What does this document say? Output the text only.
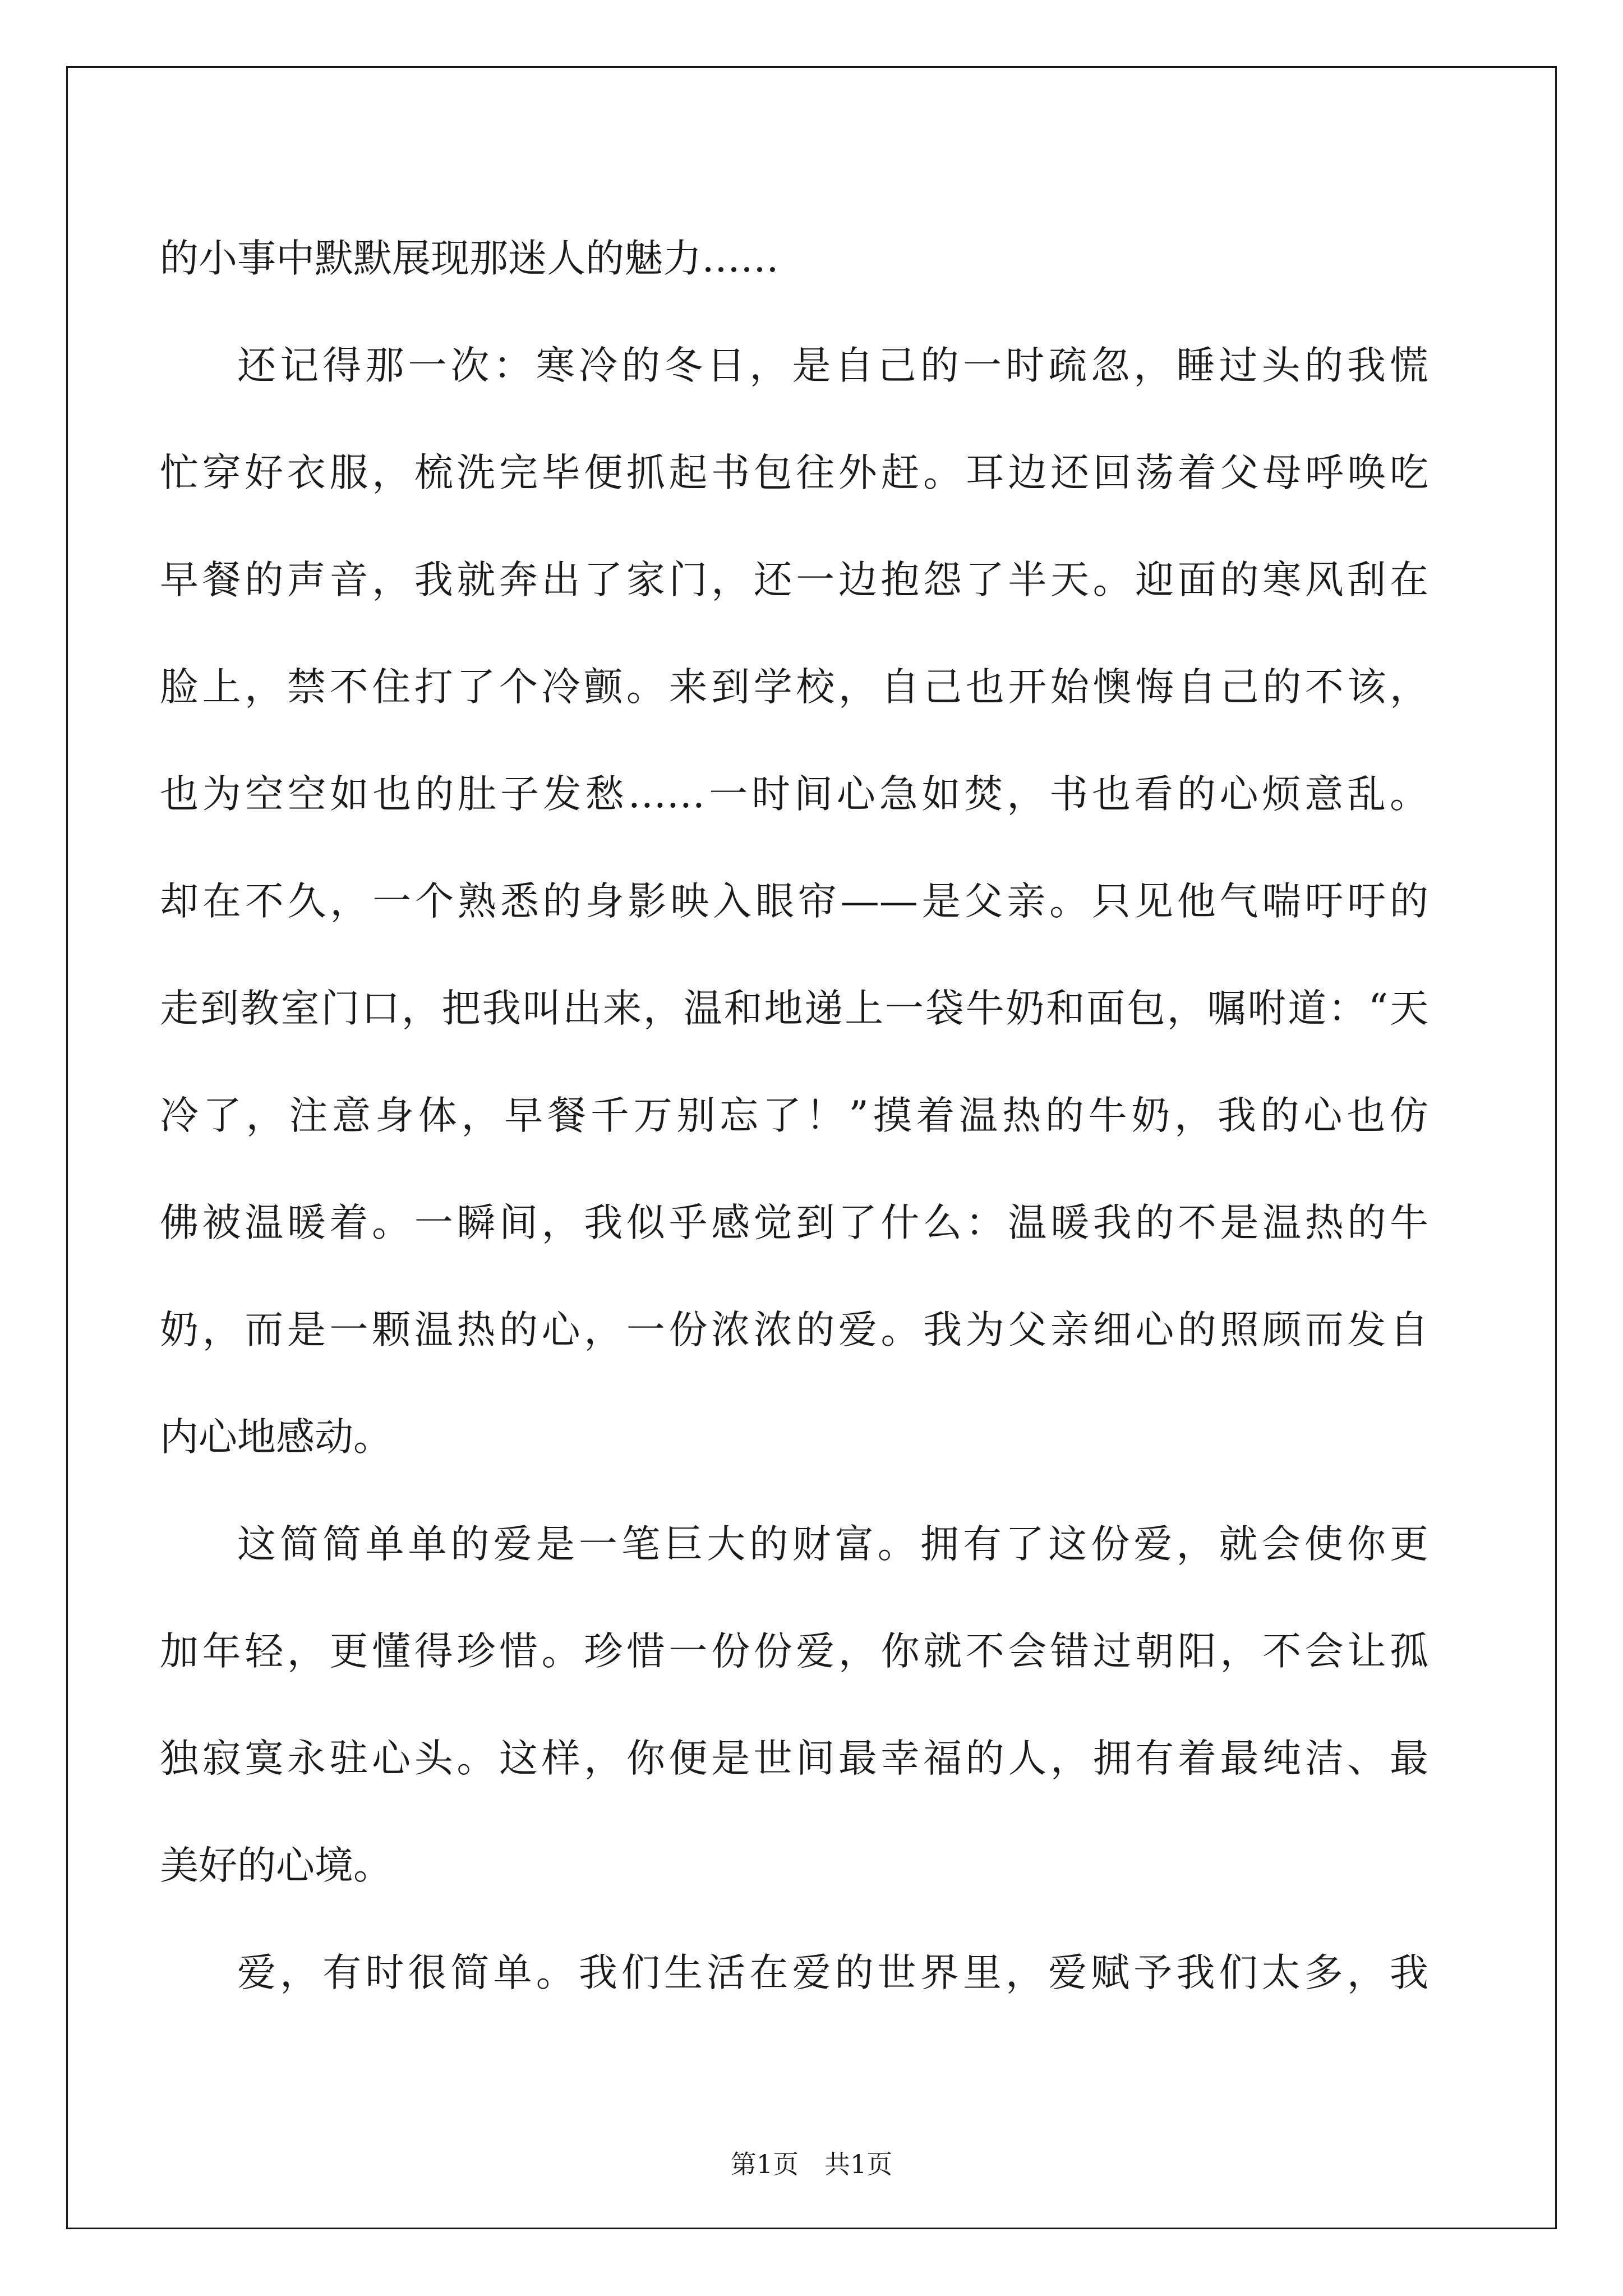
的小事中默默展现那迷人的魅力……
还记得那一次：寒冷的冬日，是自己的一时疏忽，睡过头的我慌
忙穿好衣服，梳洗完毕便抓起书包往外赶。耳边还回荡着父母呼唤吃
早餐的声音，我就奔出了家门，还一边抱怨了半天。迎面的寒风刮在
脸上，禁不住打了个冷颤。来到学校，自己也开始懊悔自己的不该，
也为空空如也的肚子发愁……一时间心急如焚，书也看的心烦意乱。
却在不久，一个熟悉的身影映入眼帘——是父亲。只见他气喘吁吁的
走到教室门口，把我叫出来，温和地递上一袋牛奶和面包，嘱咐道：“天
冷了，注意身体，早餐千万别忘了！”摸着温热的牛奶，我的心也仿
佛被温暖着。一瞬间，我似乎感觉到了什么：温暖我的不是温热的牛
奶，而是一颗温热的心，一份浓浓的爱。我为父亲细心的照顾而发自
内心地感动。
这简简单单的爱是一笔巨大的财富。拥有了这份爱，就会使你更
加年轻，更懂得珍惜。珍惜一份份爱，你就不会错过朝阳，不会让孤
独寂寞永驻心头。这样，你便是世间最幸福的人，拥有着最纯洁、最
美好的心境。
爱，有时很简单。我们生活在爱的世界里，爱赋予我们太多，我
第1页　共1页
